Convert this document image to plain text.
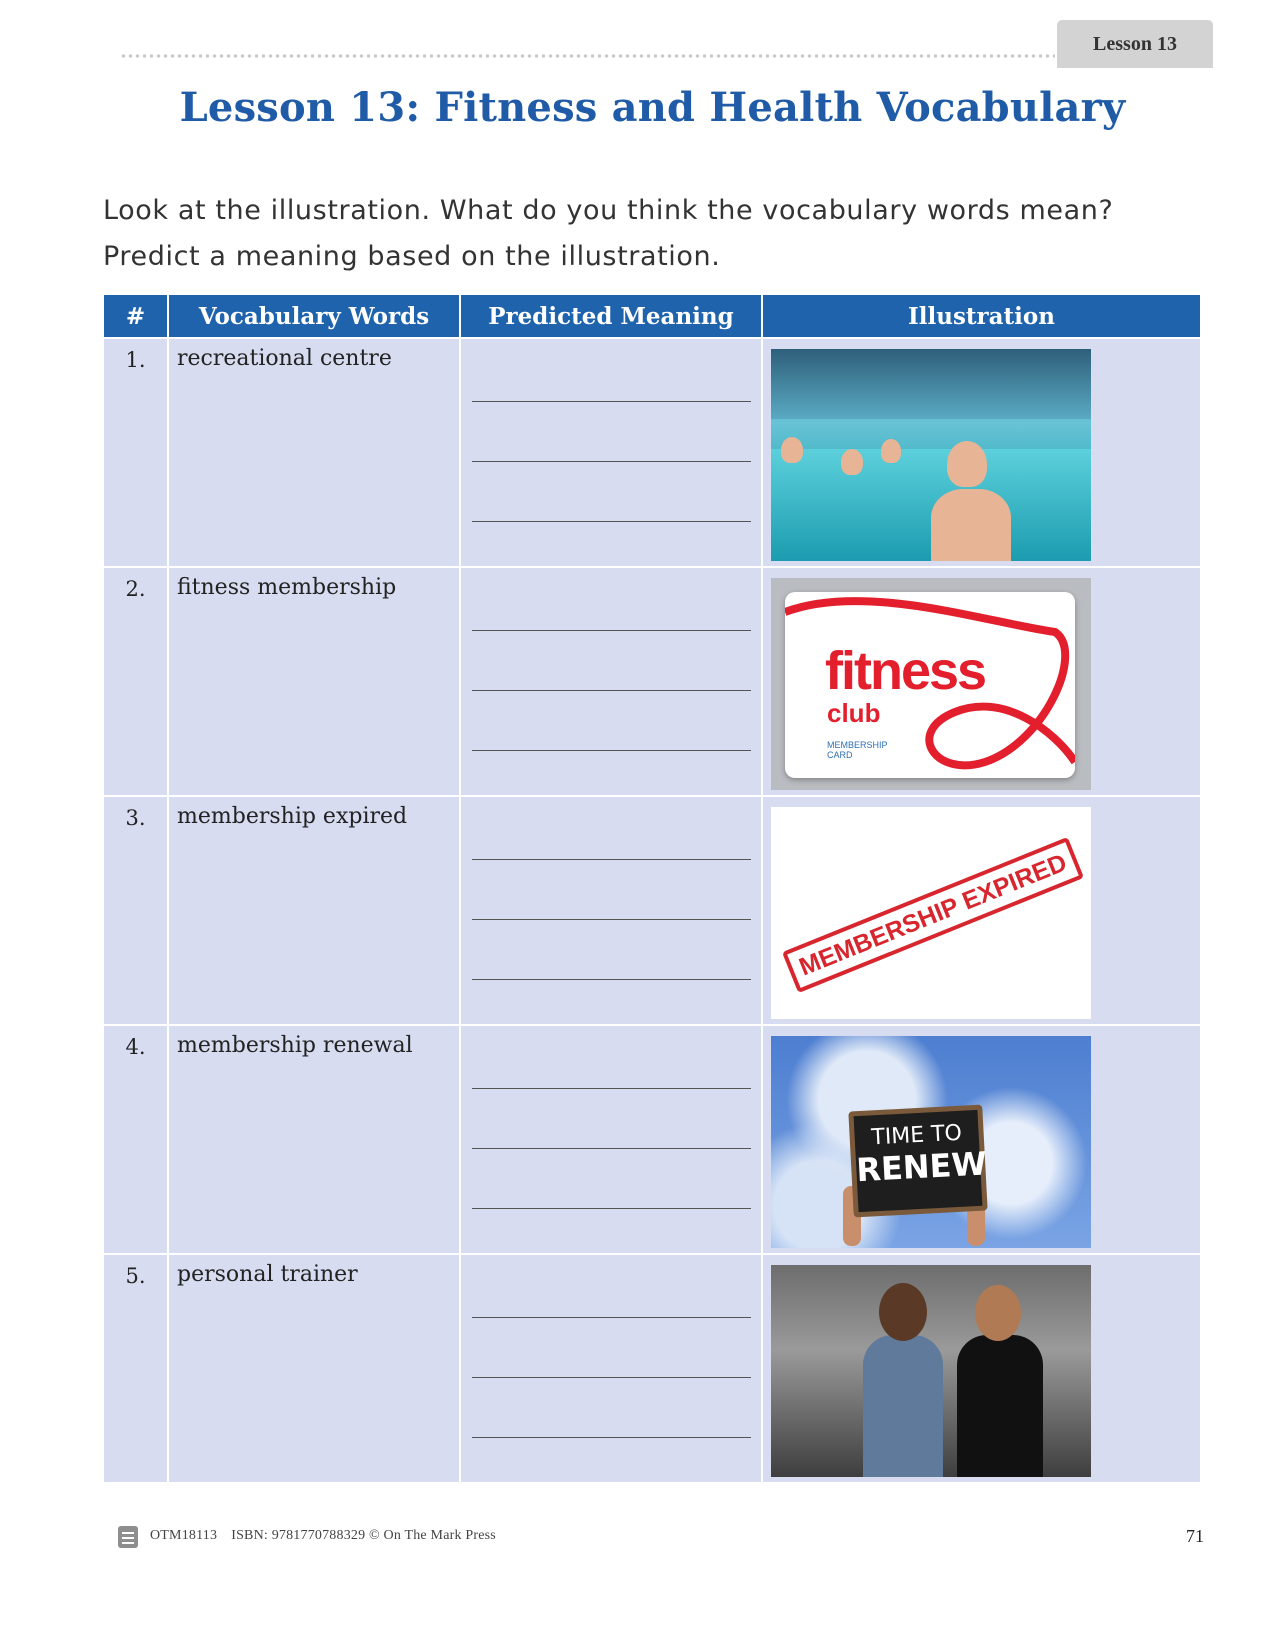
Lesson 13
Lesson 13: Fitness and Health Vocabulary
Look at the illustration. What do you think the vocabulary words mean?
Predict a meaning based on the illustration.
#	Vocabulary Words	Predicted Meaning	Illustration

1.	recreational centre		

2.	fitness membership		fitness
club
MEMBERSHIP CARD

3.	membership expired		MEMBERSHIP EXPIRED

4.	membership renewal		TIME TO
RENEW

5.	personal trainer		

OTM18113 ISBN: 9781770788329 © On The Mark Press	71
